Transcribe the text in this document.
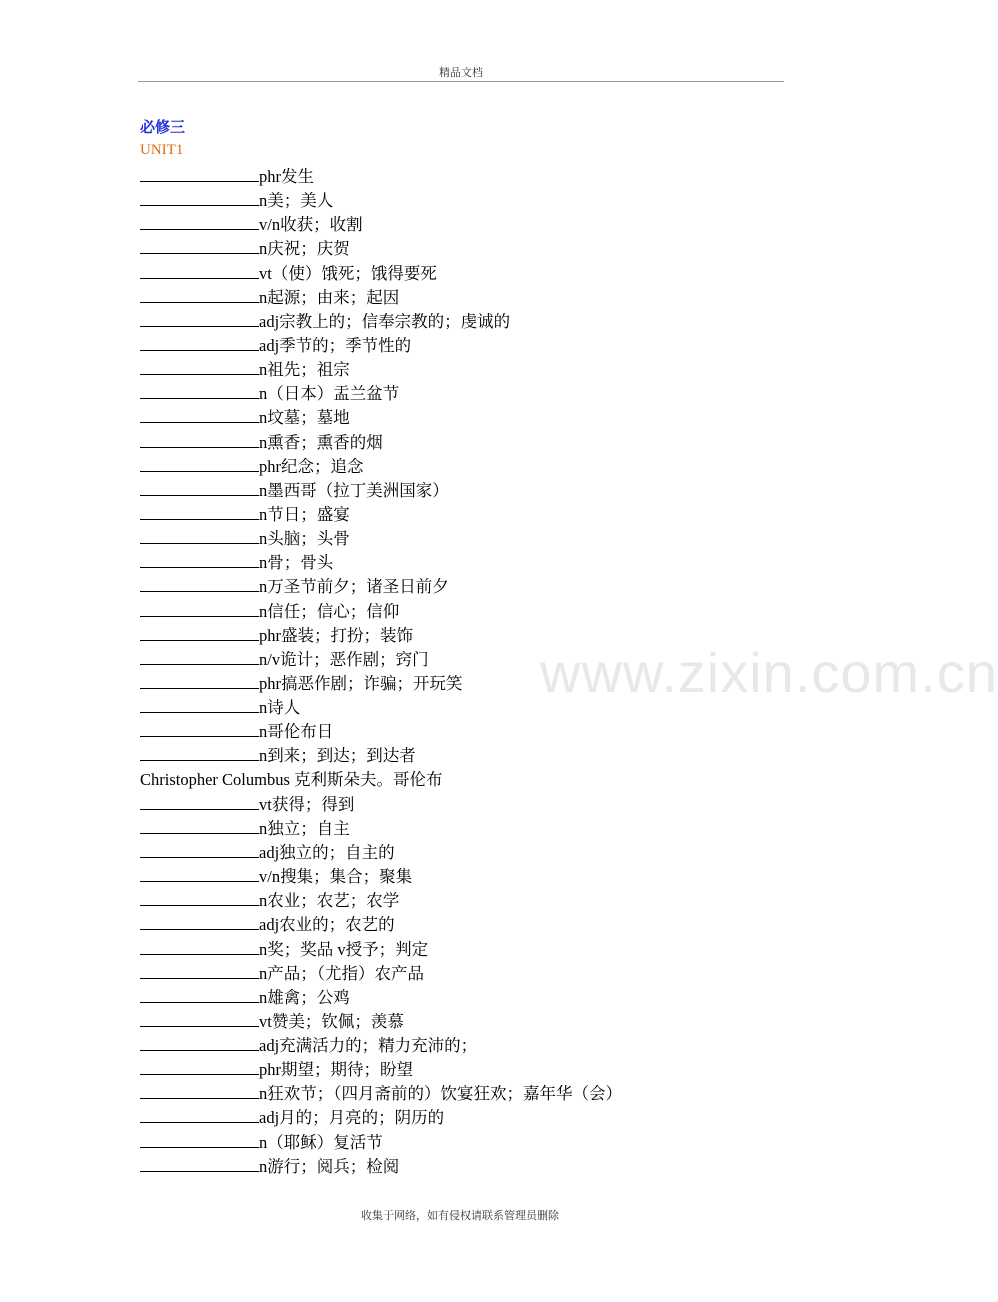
精品文档
www.zixin.com.cn
必修三
UNIT1
phr发生
n美；美人
v/n收获；收割
n庆祝；庆贺
vt（使）饿死；饿得要死
n起源；由来；起因
adj宗教上的；信奉宗教的；虔诚的
adj季节的；季节性的
n祖先；祖宗
n（日本）盂兰盆节
n坟墓；墓地
n熏香；熏香的烟
phr纪念；追念
n墨西哥（拉丁美洲国家）
n节日；盛宴
n头脑；头骨
n骨；骨头
n万圣节前夕；诸圣日前夕
n信任；信心；信仰
phr盛装；打扮；装饰
n/v诡计；恶作剧；窍门
phr搞恶作剧；诈骗；开玩笑
n诗人
n哥伦布日
n到来；到达；到达者
Christopher Columbus 克利斯朵夫。哥伦布
vt获得；得到
n独立；自主
adj独立的；自主的
v/n搜集；集合；聚集
n农业；农艺；农学
adj农业的；农艺的
n奖；奖品 v授予；判定
n产品；（尤指）农产品
n雄禽；公鸡
vt赞美；钦佩；羡慕
adj充满活力的；精力充沛的；
phr期望；期待；盼望
n狂欢节；（四月斋前的）饮宴狂欢；嘉年华（会）
adj月的；月亮的；阴历的
n（耶稣）复活节
n游行；阅兵；检阅
收集于网络，如有侵权请联系管理员删除
